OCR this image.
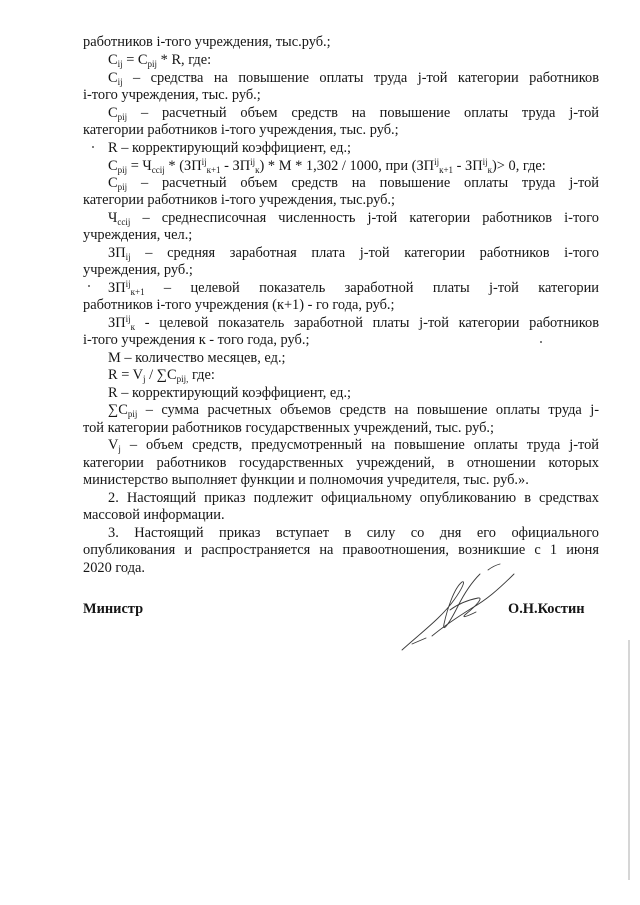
работников i-того учреждения, тыс.руб.;
$C_{ij} = C_{pij} * R$, где:
$C_{ij}$ – средства на повышение оплаты труда j-той категории работников
i-того учреждения, тыс. руб.;
$C_{pij}$ – расчетный объем средств на повышение оплаты труда j-той
категории работников i-того учреждения, тыс. руб.;
R – корректирующий коэффициент, ед.;
$C_{pij} = Ч_{ссij} * (ЗП^{ij}_{к+1} - ЗП^{ij}_к) * M * 1,302 / 1000$, при $(ЗП^{ij}_{к+1} - ЗП^{ij}_к)> 0$, где:
$C_{pij}$ – расчетный объем средств на повышение оплаты труда j-той
категории работников i-того учреждения, тыс.руб.;
$Ч_{ссij}$ – среднесписочная численность j-той категории работников i-того
учреждения, чел.;
$ЗП_{ij}$ – средняя заработная плата j-той категории работников i-того
учреждения, руб.;
$ЗП^{ij}_{к+1}$ – целевой показатель заработной платы j-той категории
работников i-того учреждения (к+1) - го года, руб.;
$ЗП^{ij}_к$ - целевой показатель заработной платы j-той категории работников
i-того учреждения к - того года, руб.;
M – количество месяцев, ед.;
$R = V_j / \sum C_{pij,}$ где:
R – корректирующий коэффициент, ед.;
$\sum C_{pij}$ – сумма расчетных объемов средств на повышение оплаты труда j-
той категории работников государственных учреждений, тыс. руб.;
$V_j$ – объем средств, предусмотренный на повышение оплаты труда j-той
категории работников государственных учреждений, в отношении которых
министерство выполняет функции и полномочия учредителя, тыс. руб.».
2. Настоящий приказ подлежит официальному опубликованию в средствах
массовой информации.
3. Настоящий приказ вступает в силу со дня его официального
опубликования и распространяется на правоотношения, возникшие с 1 июня
2020 года.
Министр	О.Н.Костин
